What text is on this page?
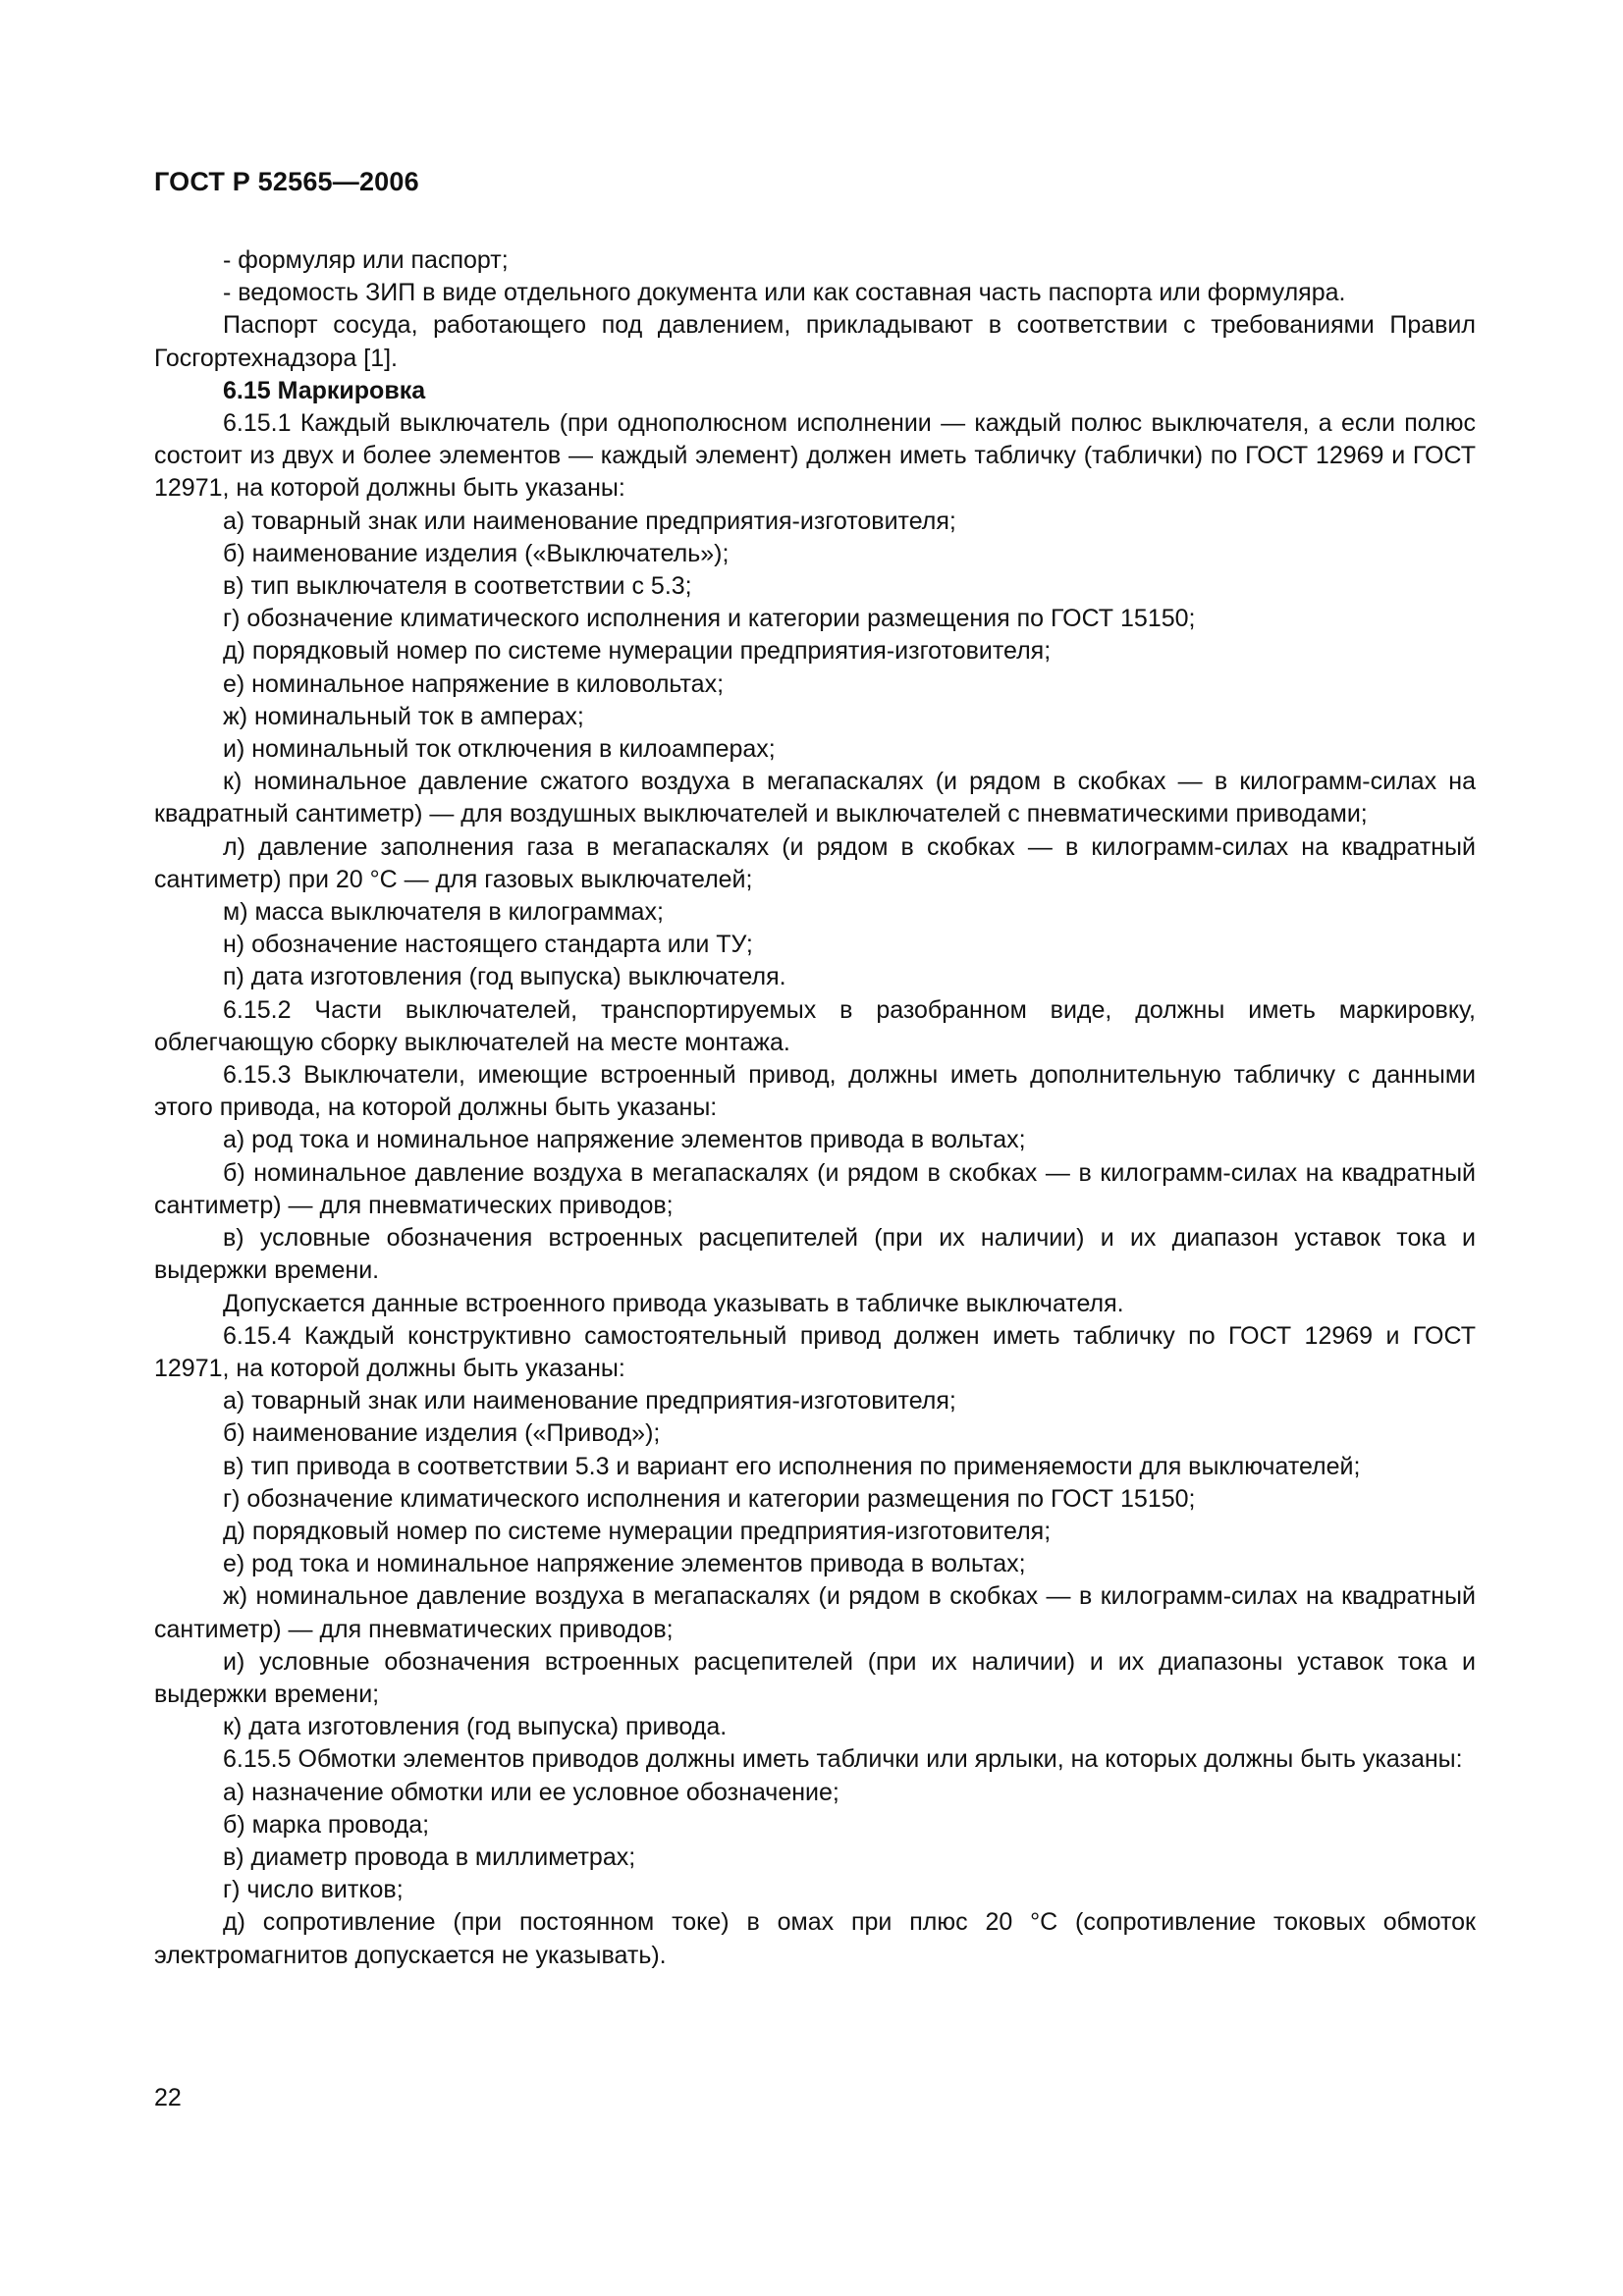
ГОСТ Р 52565—2006

- формуляр или паспорт;

- ведомость ЗИП в виде отдельного документа или как составная часть паспорта или формуляра.

Паспорт сосуда, работающего под давлением, прикладывают в соответствии с требованиями Правил Госгортехнадзора [1].

6.15 Маркировка

6.15.1 Каждый выключатель (при однополюсном исполнении — каждый полюс выключателя, а если полюс состоит из двух и более элементов — каждый элемент) должен иметь табличку (таблички) по ГОСТ 12969 и ГОСТ 12971, на которой должны быть указаны:

а) товарный знак или наименование предприятия-изготовителя;

б) наименование изделия («Выключатель»);

в) тип выключателя в соответствии с 5.3;

г) обозначение климатического исполнения и категории размещения по ГОСТ 15150;

д) порядковый номер по системе нумерации предприятия-изготовителя;

е) номинальное напряжение в киловольтах;

ж) номинальный ток в амперах;

и) номинальный ток отключения в килоамперах;

к) номинальное давление сжатого воздуха в мегапаскалях (и рядом в скобках — в килограмм-силах на квадратный сантиметр) — для воздушных выключателей и выключателей с пневматическими приводами;

л) давление заполнения газа в мегапаскалях (и рядом в скобках — в килограмм-силах на квадратный сантиметр) при 20 °С — для газовых выключателей;

м) масса выключателя в килограммах;

н) обозначение настоящего стандарта или ТУ;

п) дата изготовления (год выпуска) выключателя.

6.15.2 Части выключателей, транспортируемых в разобранном виде, должны иметь маркировку, облегчающую сборку выключателей на месте монтажа.

6.15.3 Выключатели, имеющие встроенный привод, должны иметь дополнительную табличку с данными этого привода, на которой должны быть указаны:

а) род тока и номинальное напряжение элементов привода в вольтах;

б) номинальное давление воздуха в мегапаскалях (и рядом в скобках — в килограмм-силах на квадратный сантиметр) — для пневматических приводов;

в) условные обозначения встроенных расцепителей (при их наличии) и их диапазон уставок тока и выдержки времени.

Допускается данные встроенного привода указывать в табличке выключателя.

6.15.4 Каждый конструктивно самостоятельный привод должен иметь табличку по ГОСТ 12969 и ГОСТ 12971, на которой должны быть указаны:

а) товарный знак или наименование предприятия-изготовителя;

б) наименование изделия («Привод»);

в) тип привода в соответствии 5.3 и вариант его исполнения по применяемости для выключателей;

г) обозначение климатического исполнения и категории размещения по ГОСТ 15150;

д) порядковый номер по системе нумерации предприятия-изготовителя;

е) род тока и номинальное напряжение элементов привода в вольтах;

ж) номинальное давление воздуха в мегапаскалях (и рядом в скобках — в килограмм-силах на квадратный сантиметр) — для пневматических приводов;

и) условные обозначения встроенных расцепителей (при их наличии) и их диапазоны уставок тока и выдержки времени;

к) дата изготовления (год выпуска) привода.

6.15.5 Обмотки элементов приводов должны иметь таблички или ярлыки, на которых должны быть указаны:

а) назначение обмотки или ее условное обозначение;

б) марка провода;

в) диаметр провода в миллиметрах;

г) число витков;

д) сопротивление (при постоянном токе) в омах при плюс 20 °С (сопротивление токовых обмоток электромагнитов допускается не указывать).

22
